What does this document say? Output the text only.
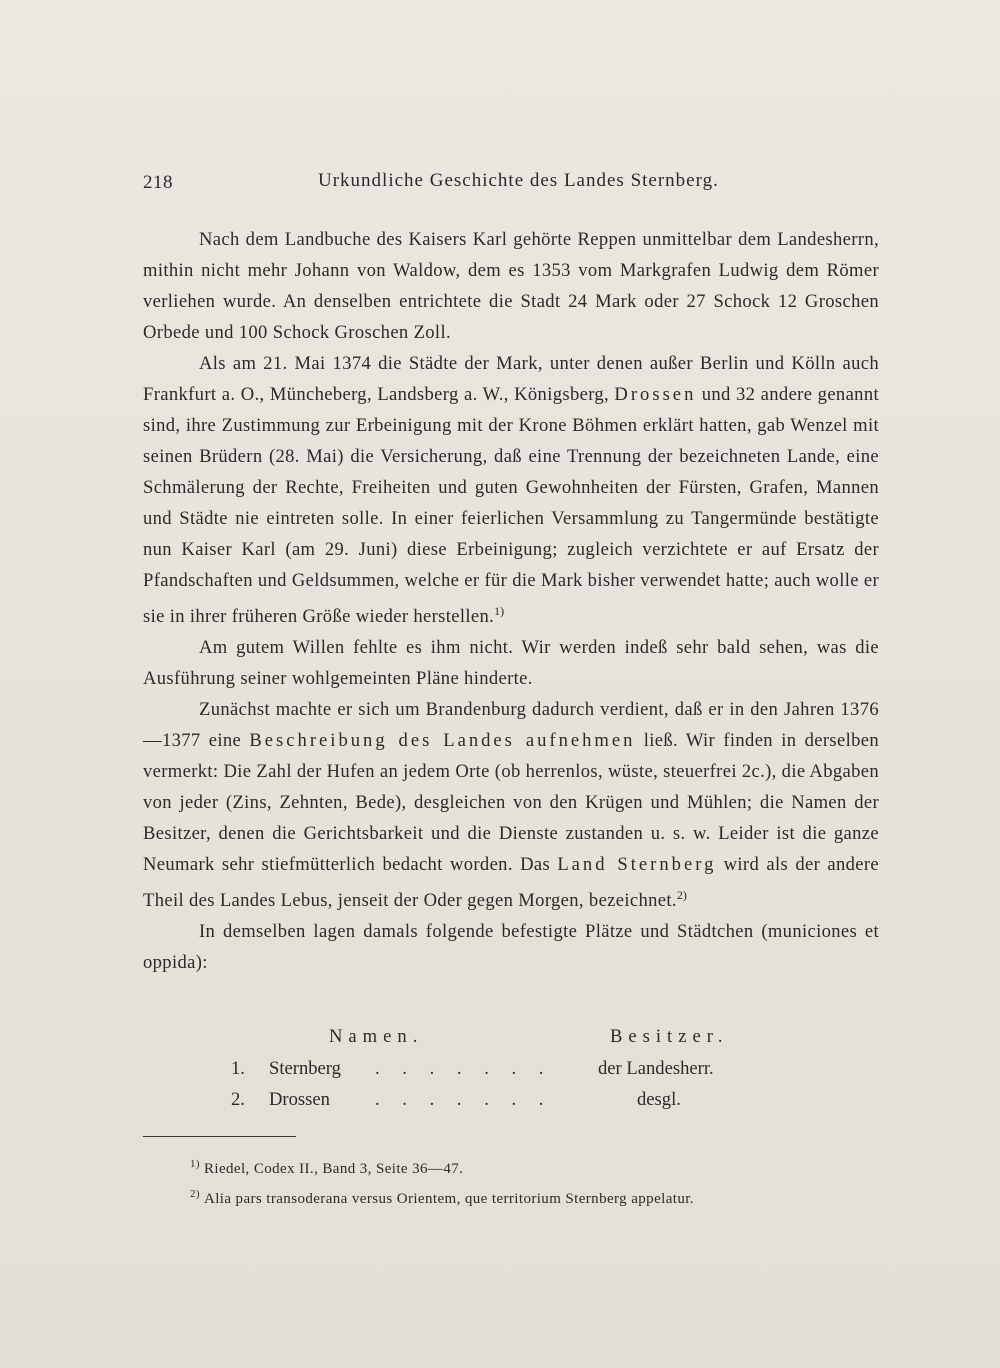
218	Urkundliche Geschichte des Landes Sternberg.

Nach dem Landbuche des Kaisers Karl gehörte Reppen unmittelbar dem Landesherrn, mithin nicht mehr Johann von Waldow, dem es 1353 vom Markgrafen Ludwig dem Römer verliehen wurde. An denselben entrichtete die Stadt 24 Mark oder 27 Schock 12 Groschen Orbede und 100 Schock Groschen Zoll.

Als am 21. Mai 1374 die Städte der Mark, unter denen außer Berlin und Kölln auch Frankfurt a. O., Müncheberg, Landsberg a. W., Königsberg, Drossen und 32 andere genannt sind, ihre Zustimmung zur Erbeinigung mit der Krone Böhmen erklärt hatten, gab Wenzel mit seinen Brüdern (28. Mai) die Versicherung, daß eine Trennung der bezeichneten Lande, eine Schmälerung der Rechte, Freiheiten und guten Gewohnheiten der Fürsten, Grafen, Mannen und Städte nie eintreten solle. In einer feierlichen Versammlung zu Tangermünde bestätigte nun Kaiser Karl (am 29. Juni) diese Erbeinigung; zugleich verzichtete er auf Ersatz der Pfandschaften und Geldsummen, welche er für die Mark bisher verwendet hatte; auch wolle er sie in ihrer früheren Größe wieder herstellen.$^{1)}$

Am gutem Willen fehlte es ihm nicht. Wir werden indeß sehr bald sehen, was die Ausführung seiner wohlgemeinten Pläne hinderte.

Zunächst machte er sich um Brandenburg dadurch verdient, daß er in den Jahren 1376—1377 eine Beschreibung des Landes aufnehmen ließ. Wir finden in derselben vermerkt: Die Zahl der Hufen an jedem Orte (ob herrenlos, wüste, steuerfrei 2c.), die Abgaben von jeder (Zins, Zehnten, Bede), desgleichen von den Krügen und Mühlen; die Namen der Besitzer, denen die Gerichtsbarkeit und die Dienste zustanden u. s. w. Leider ist die ganze Neumark sehr stiefmütterlich bedacht worden. Das Land Sternberg wird als der andere Theil des Landes Lebus, jenseit der Oder gegen Morgen, bezeichnet.$^{2)}$

In demselben lagen damals folgende befestigte Plätze und Städtchen (municiones et oppida):

Namen.	Besitzer.
1. Sternberg . . . . . . . der Landesherr.
2. Drossen . . . . . . .	desgl.
$^{1)}$ Riedel, Codex II., Band 3, Seite 36—47.
$^{2)}$ Alia pars transoderana versus Orientem, que territorium Sternberg appelatur.
